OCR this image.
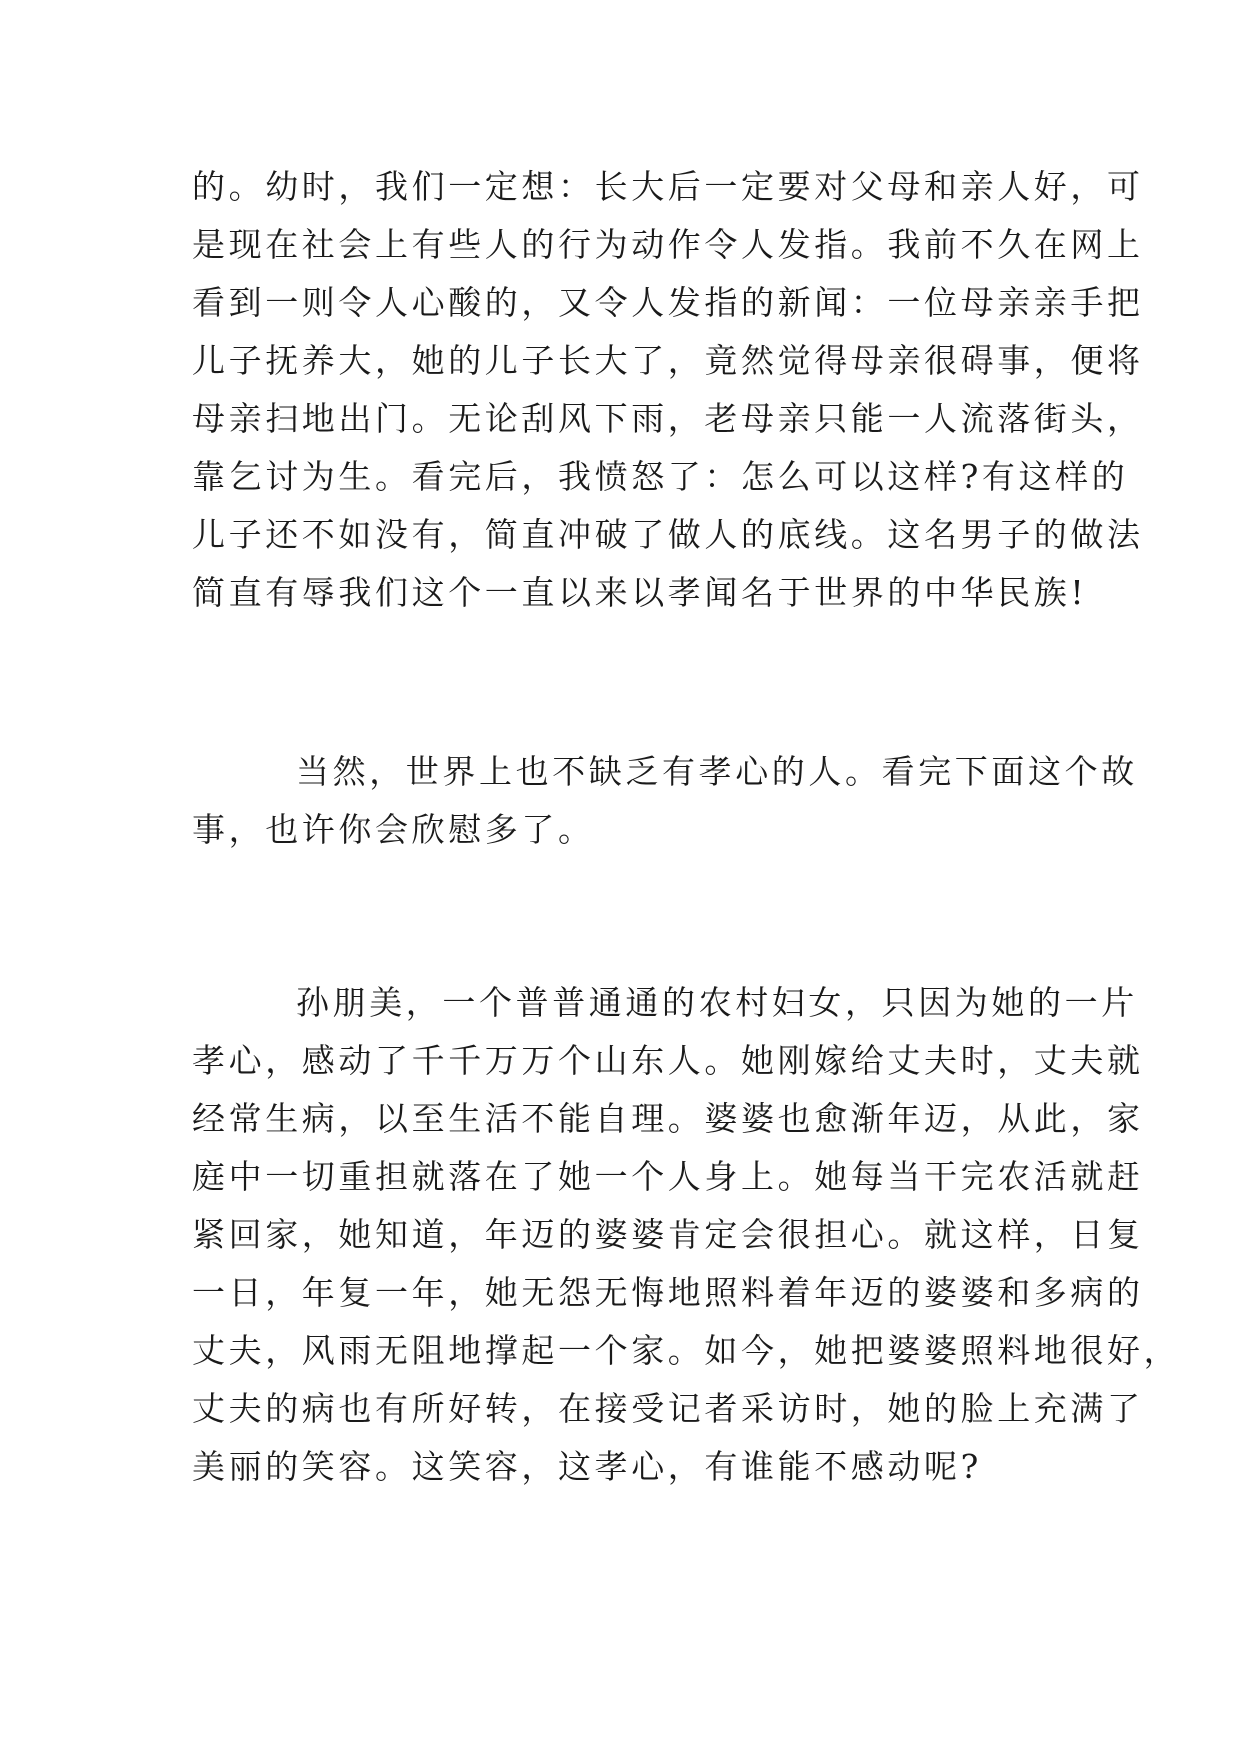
的。幼时，我们一定想：长大后一定要对父母和亲人好，可
是现在社会上有些人的行为动作令人发指。我前不久在网上
看到一则令人心酸的，又令人发指的新闻：一位母亲亲手把
儿子抚养大，她的儿子长大了，竟然觉得母亲很碍事，便将
母亲扫地出门。无论刮风下雨，老母亲只能一人流落街头，
靠乞讨为生。看完后，我愤怒了：怎么可以这样?有这样的
儿子还不如没有，简直冲破了做人的底线。这名男子的做法
简直有辱我们这个一直以来以孝闻名于世界的中华民族!
当然，世界上也不缺乏有孝心的人。看完下面这个故
事，也许你会欣慰多了。
孙朋美，一个普普通通的农村妇女，只因为她的一片
孝心，感动了千千万万个山东人。她刚嫁给丈夫时，丈夫就
经常生病，以至生活不能自理。婆婆也愈渐年迈，从此，家
庭中一切重担就落在了她一个人身上。她每当干完农活就赶
紧回家，她知道，年迈的婆婆肯定会很担心。就这样，日复
一日，年复一年，她无怨无悔地照料着年迈的婆婆和多病的
丈夫，风雨无阻地撑起一个家。如今，她把婆婆照料地很好，
丈夫的病也有所好转，在接受记者采访时，她的脸上充满了
美丽的笑容。这笑容，这孝心，有谁能不感动呢?
